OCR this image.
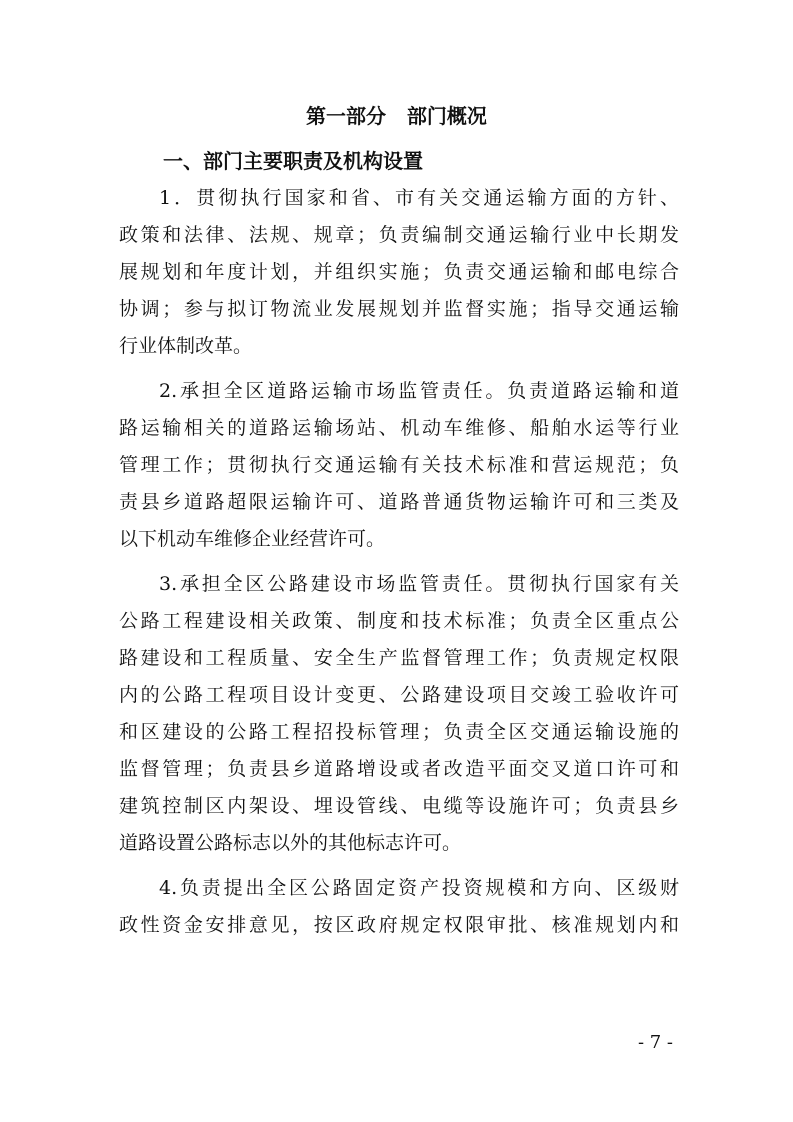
第一部分   部门概况
一、部门主要职责及机构设置
1．贯彻执行国家和省、市有关交通运输方面的方针、
政策和法律、法规、规章；负责编制交通运输行业中长期发
展规划和年度计划，并组织实施；负责交通运输和邮电综合
协调；参与拟订物流业发展规划并监督实施；指导交通运输
行业体制改革。
2.承担全区道路运输市场监管责任。负责道路运输和道
路运输相关的道路运输场站、机动车维修、船舶水运等行业
管理工作；贯彻执行交通运输有关技术标准和营运规范；负
责县乡道路超限运输许可、道路普通货物运输许可和三类及
以下机动车维修企业经营许可。
3.承担全区公路建设市场监管责任。贯彻执行国家有关
公路工程建设相关政策、制度和技术标准；负责全区重点公
路建设和工程质量、安全生产监督管理工作；负责规定权限
内的公路工程项目设计变更、公路建设项目交竣工验收许可
和区建设的公路工程招投标管理；负责全区交通运输设施的
监督管理；负责县乡道路增设或者改造平面交叉道口许可和
建筑控制区内架设、埋设管线、电缆等设施许可；负责县乡
道路设置公路标志以外的其他标志许可。
4.负责提出全区公路固定资产投资规模和方向、区级财
政性资金安排意见，按区政府规定权限审批、核准规划内和
- 7 -
